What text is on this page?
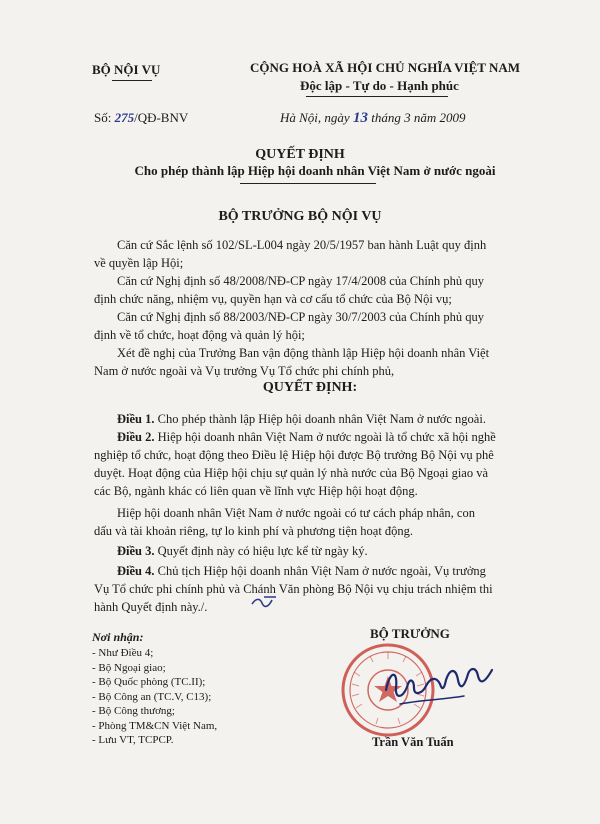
BỘ NỘI VỤ	CỘNG HOÀ XÃ HỘI CHỦ NGHĨA VIỆT NAM
Độc lập - Tự do - Hạnh phúc
Số: 275/QĐ-BNV	Hà Nội, ngày 13 tháng 3 năm 2009
QUYẾT ĐỊNH
Cho phép thành lập Hiệp hội doanh nhân Việt Nam ở nước ngoài
BỘ TRƯỞNG BỘ NỘI VỤ
Căn cứ Sắc lệnh số 102/SL-L004 ngày 20/5/1957 ban hành Luật quy định
về quyền lập Hội;
Căn cứ Nghị định số 48/2008/NĐ-CP ngày 17/4/2008 của Chính phủ quy
định chức năng, nhiệm vụ, quyền hạn và cơ cấu tổ chức của Bộ Nội vụ;
Căn cứ Nghị định số 88/2003/NĐ-CP ngày 30/7/2003 của Chính phủ quy
định về tổ chức, hoạt động và quản lý hội;
Xét đề nghị của Trưởng Ban vận động thành lập Hiệp hội doanh nhân Việt
Nam ở nước ngoài và Vụ trưởng Vụ Tổ chức phi chính phủ,
QUYẾT ĐỊNH:
Điều 1. Cho phép thành lập Hiệp hội doanh nhân Việt Nam ở nước ngoài.
Điều 2. Hiệp hội doanh nhân Việt Nam ở nước ngoài là tổ chức xã hội nghề
nghiệp tổ chức, hoạt động theo Điều lệ Hiệp hội được Bộ trưởng Bộ Nội vụ phê
duyệt. Hoạt động của Hiệp hội chịu sự quản lý nhà nước của Bộ Ngoại giao và
các Bộ, ngành khác có liên quan về lĩnh vực Hiệp hội hoạt động.
Hiệp hội doanh nhân Việt Nam ở nước ngoài có tư cách pháp nhân, con
dấu và tài khoản riêng, tự lo kinh phí và phương tiện hoạt động.
Điều 3. Quyết định này có hiệu lực kể từ ngày ký.
Điều 4. Chủ tịch Hiệp hội doanh nhân Việt Nam ở nước ngoài, Vụ trưởng
Vụ Tổ chức phi chính phủ và Chánh Văn phòng Bộ Nội vụ chịu trách nhiệm thi
hành Quyết định này./.
Nơi nhận:
- Như Điều 4;
- Bộ Ngoại giao;
- Bộ Quốc phòng (TC.II);
- Bộ Công an (TC.V, C13);
- Bộ Công thương;
- Phòng TM&CN Việt Nam,
- Lưu VT, TCPCP.
BỘ TRƯỞNG
Trần Văn Tuấn
